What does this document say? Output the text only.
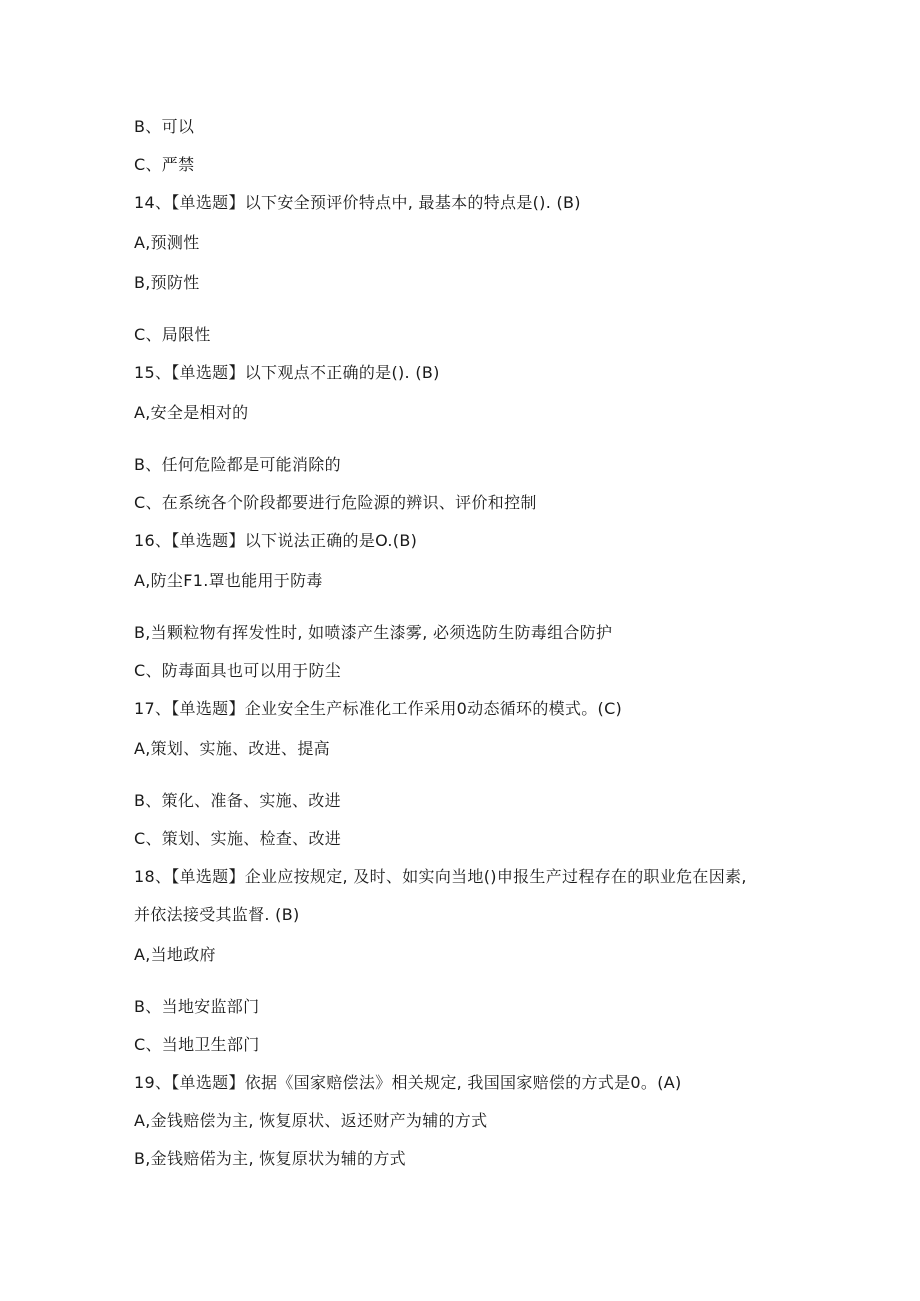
B、可以
C、严禁
14、【单选题】以下安全预评价特点中, 最基本的特点是(). (B)
A,预测性
B,预防性
C、局限性
15、【单选题】以下观点不正确的是(). (B)
A,安全是相对的
B、任何危险都是可能消除的
C、在系统各个阶段都要进行危险源的辨识、评价和控制
16、【单选题】以下说法正确的是O.(B)
A,防尘F1.罩也能用于防毒
B,当颗粒物有挥发性时, 如喷漆产生漆雾, 必须选防生防毒组合防护
C、防毒面具也可以用于防尘
17、【单选题】企业安全生产标准化工作采用0动态循环的模式。(C)
A,策划、实施、改进、提高
B、策化、准备、实施、改进
C、策划、实施、检查、改进
18、【单选题】企业应按规定, 及时、如实向当地()申报生产过程存在的职业危在因素,
并依法接受其监督. (B)
A,当地政府
B、当地安监部门
C、当地卫生部门
19、【单选题】依据《国家赔偿法》相关规定, 我国国家赔偿的方式是0。(A)
A,金钱赔偿为主, 恢复原状、返还财产为辅的方式
B,金钱赔偌为主, 恢复原状为辅的方式
